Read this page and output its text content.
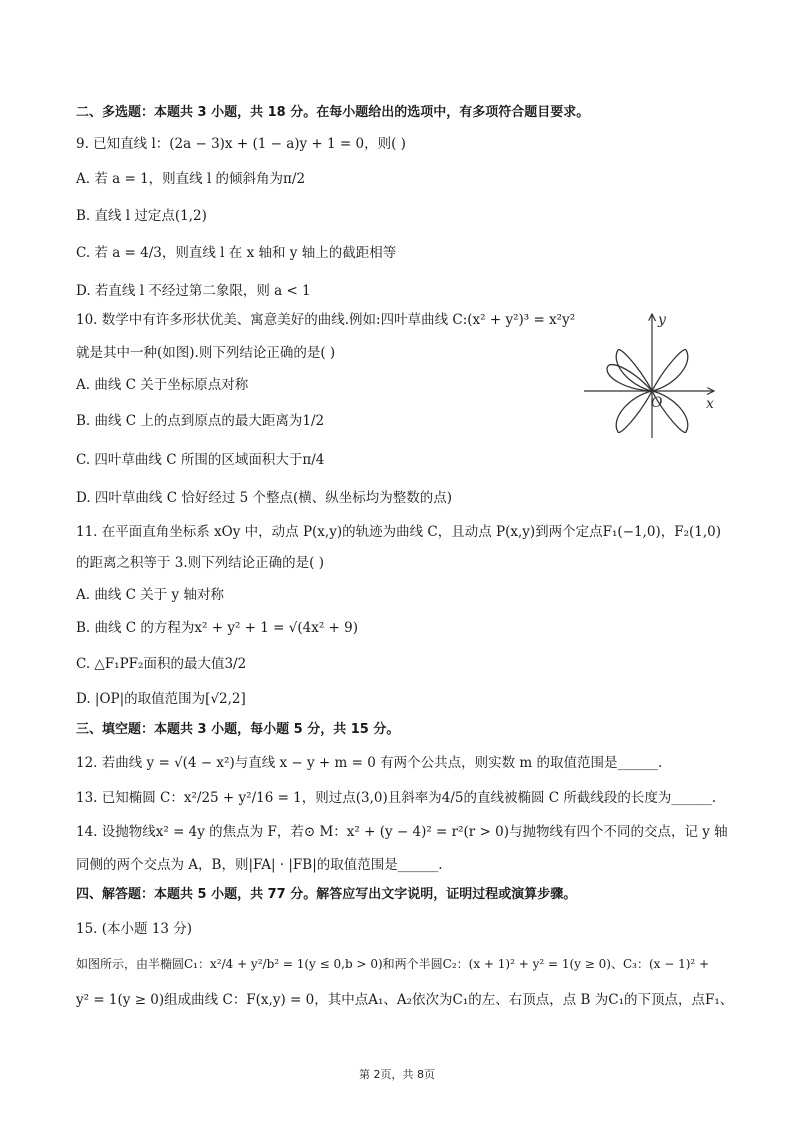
二、多选题：本题共 3 小题，共 18 分。在每小题给出的选项中，有多项符合题目要求。
9. 已知直线 l：(2a − 3)x + (1 − a)y + 1 = 0，则( )
A. 若 a = 1，则直线 l 的倾斜角为π/2
B. 直线 l 过定点(1,2)
C. 若 a = 4/3，则直线 l 在 x 轴和 y 轴上的截距相等
D. 若直线 l 不经过第二象限，则 a < 1
10. 数学中有许多形状优美、寓意美好的曲线.例如:四叶草曲线 C:(x² + y²)³ = x²y²
就是其中一种(如图).则下列结论正确的是( )
A. 曲线 C 关于坐标原点对称
B. 曲线 C 上的点到原点的最大距离为1/2
C. 四叶草曲线 C 所围的区域面积大于π/4
D. 四叶草曲线 C 恰好经过 5 个整点(横、纵坐标均为整数的点)
x
y
O
11. 在平面直角坐标系 xOy 中，动点 P(x,y)的轨迹为曲线 C，且动点 P(x,y)到两个定点F₁(−1,0)，F₂(1,0)
的距离之积等于 3.则下列结论正确的是( )
A. 曲线 C 关于 y 轴对称
B. 曲线 C 的方程为x² + y² + 1 = √(4x² + 9)
C. △F₁PF₂面积的最大值3/2
D. |OP|的取值范围为[√2,2]
三、填空题：本题共 3 小题，每小题 5 分，共 15 分。
12. 若曲线 y = √(4 − x²)与直线 x − y + m = 0 有两个公共点，则实数 m 的取值范围是______.
13. 已知椭圆 C：x²/25 + y²/16 = 1，则过点(3,0)且斜率为4/5的直线被椭圆 C 所截线段的长度为______.
14. 设抛物线x² = 4y 的焦点为 F，若⊙ M：x² + (y − 4)² = r²(r > 0)与抛物线有四个不同的交点，记 y 轴
同侧的两个交点为 A，B，则|FA| · |FB|的取值范围是______.
四、解答题：本题共 5 小题，共 77 分。解答应写出文字说明，证明过程或演算步骤。
15. (本小题 13 分)
如图所示，由半椭圆C₁：x²/4 + y²/b² = 1(y ≤ 0,b > 0)和两个半圆C₂：(x + 1)² + y² = 1(y ≥ 0)、C₃：(x − 1)² +
y² = 1(y ≥ 0)组成曲线 C：F(x,y) = 0，其中点A₁、A₂依次为C₁的左、右顶点，点 B 为C₁的下顶点，点F₁、
第 2页，共 8页
